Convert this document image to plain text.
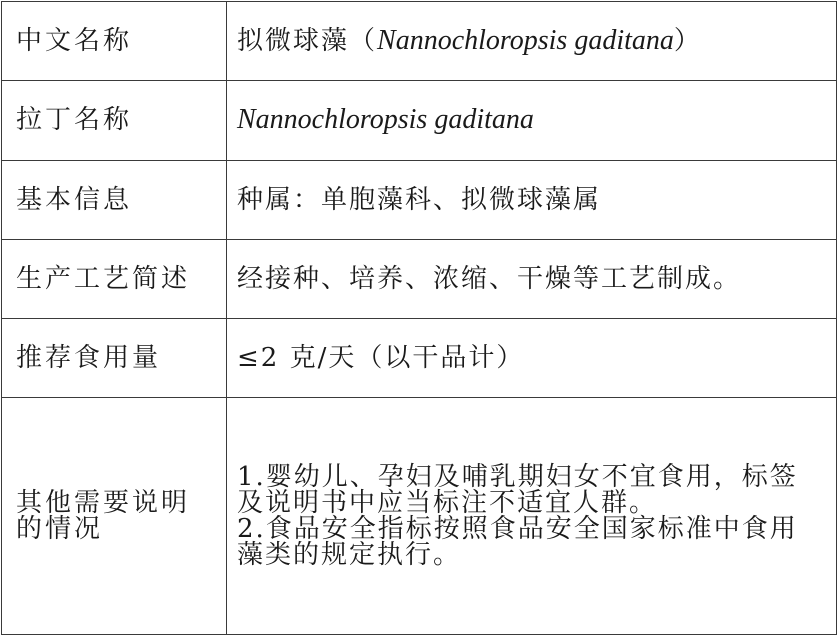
中文名称	拟微球藻（Nannochloropsis gaditana）
拉丁名称	Nannochloropsis gaditana
基本信息	种属：单胞藻科、拟微球藻属
生产工艺简述	经接种、培养、浓缩、干燥等工艺制成。
推荐食用量	≤2 克/天（以干品计）
其他需要说明
的情况	1.婴幼儿、孕妇及哺乳期妇女不宜食用，标签
及说明书中应当标注不适宜人群。
2.食品安全指标按照食品安全国家标准中食用
藻类的规定执行。
